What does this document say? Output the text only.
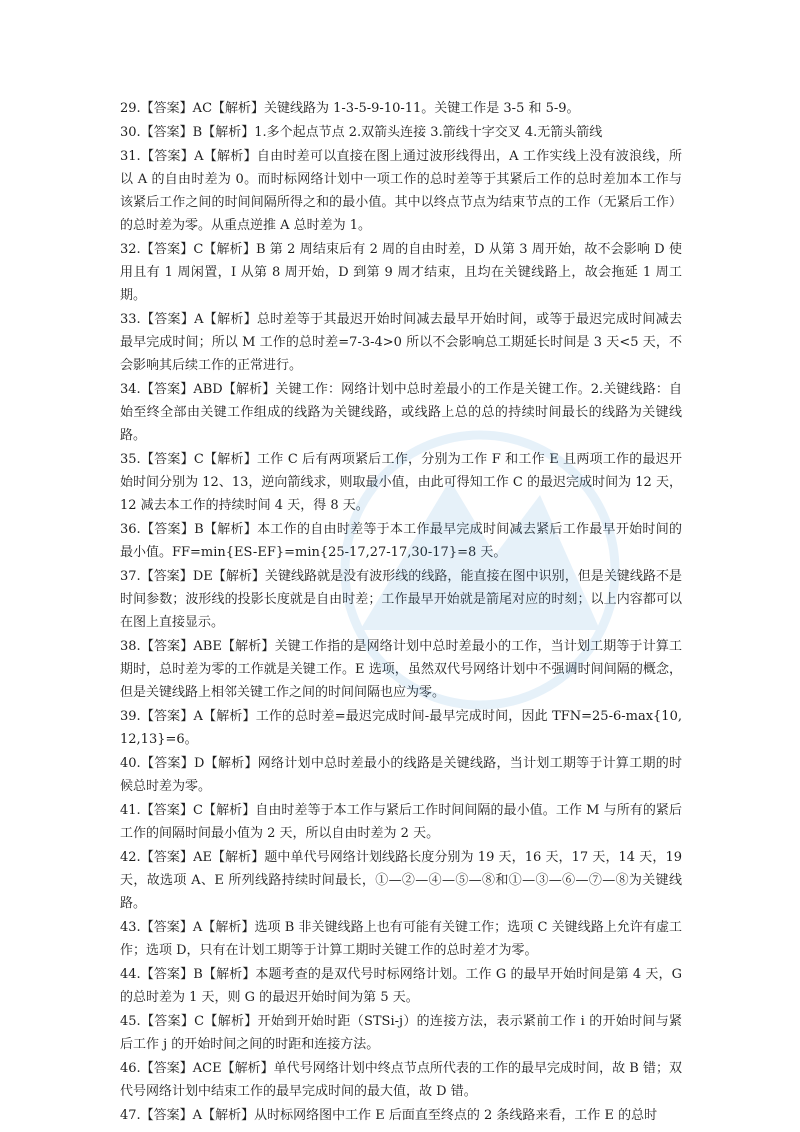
29.【答案】AC【解析】关键线路为 1-3-5-9-10-11。关键工作是 3-5 和 5-9。

30.【答案】B【解析】1.多个起点节点 2.双箭头连接 3.箭线十字交叉 4.无箭头箭线

31.【答案】A【解析】自由时差可以直接在图上通过波形线得出，A 工作实线上没有波浪线，所以 A 的自由时差为 0。而时标网络计划中一项工作的总时差等于其紧后工作的总时差加本工作与该紧后工作之间的时间间隔所得之和的最小值。其中以终点节点为结束节点的工作（无紧后工作）的总时差为零。从重点逆推 A 总时差为 1。

32.【答案】C【解析】B 第 2 周结束后有 2 周的自由时差，D 从第 3 周开始，故不会影响 D 使用且有 1 周闲置，I 从第 8 周开始，D 到第 9 周才结束，且均在关键线路上，故会拖延 1 周工期。

33.【答案】A【解析】总时差等于其最迟开始时间减去最早开始时间，或等于最迟完成时间减去最早完成时间；所以 M 工作的总时差=7-3-4>0 所以不会影响总工期延长时间是 3 天<5 天，不会影响其后续工作的正常进行。

34.【答案】ABD【解析】关键工作：网络计划中总时差最小的工作是关键工作。2.关键线路：自始至终全部由关键工作组成的线路为关键线路，或线路上总的总的持续时间最长的线路为关键线路。

35.【答案】C【解析】工作 C 后有两项紧后工作，分别为工作 F 和工作 E 且两项工作的最迟开始时间分别为 12、13，逆向箭线求，则取最小值，由此可得知工作 C 的最迟完成时间为 12 天，12 减去本工作的持续时间 4 天，得 8 天。

36.【答案】B【解析】本工作的自由时差等于本工作最早完成时间减去紧后工作最早开始时间的最小值。FF=min{ES-EF}=min{25-17,27-17,30-17}=8 天。

37.【答案】DE【解析】关键线路就是没有波形线的线路，能直接在图中识别，但是关键线路不是时间参数；波形线的投影长度就是自由时差；工作最早开始就是箭尾对应的时刻；以上内容都可以在图上直接显示。

38.【答案】ABE【解析】关键工作指的是网络计划中总时差最小的工作，当计划工期等于计算工期时，总时差为零的工作就是关键工作。E 选项，虽然双代号网络计划中不强调时间间隔的概念，但是关键线路上相邻关键工作之间的时间间隔也应为零。

39.【答案】A【解析】工作的总时差=最迟完成时间-最早完成时间，因此 TFN=25-6-max{10,12,13}=6。

40.【答案】D【解析】网络计划中总时差最小的线路是关键线路，当计划工期等于计算工期的时候总时差为零。

41.【答案】C【解析】自由时差等于本工作与紧后工作时间间隔的最小值。工作 M 与所有的紧后工作的间隔时间最小值为 2 天，所以自由时差为 2 天。

42.【答案】AE【解析】题中单代号网络计划线路长度分别为 19 天，16 天，17 天，14 天，19 天，故选项 A、E 所列线路持续时间最长，①—②—④—⑤—⑧和①—③—⑥—⑦—⑧为关键线路。

43.【答案】A【解析】选项 B 非关键线路上也有可能有关键工作；选项 C 关键线路上允许有虚工作；选项 D，只有在计划工期等于计算工期时关键工作的总时差才为零。

44.【答案】B【解析】本题考查的是双代号时标网络计划。工作 G 的最早开始时间是第 4 天，G 的总时差为 1 天，则 G 的最迟开始时间为第 5 天。

45.【答案】C【解析】开始到开始时距（STSi-j）的连接方法，表示紧前工作 i 的开始时间与紧后工作 j 的开始时间之间的时距和连接方法。

46.【答案】ACE【解析】单代号网络计划中终点节点所代表的工作的最早完成时间，故 B 错；双代号网络计划中结束工作的最早完成时间的最大值，故 D 错。

47.【答案】A【解析】从时标网络图中工作 E 后面直至终点的 2 条线路来看，工作 E 的总时
